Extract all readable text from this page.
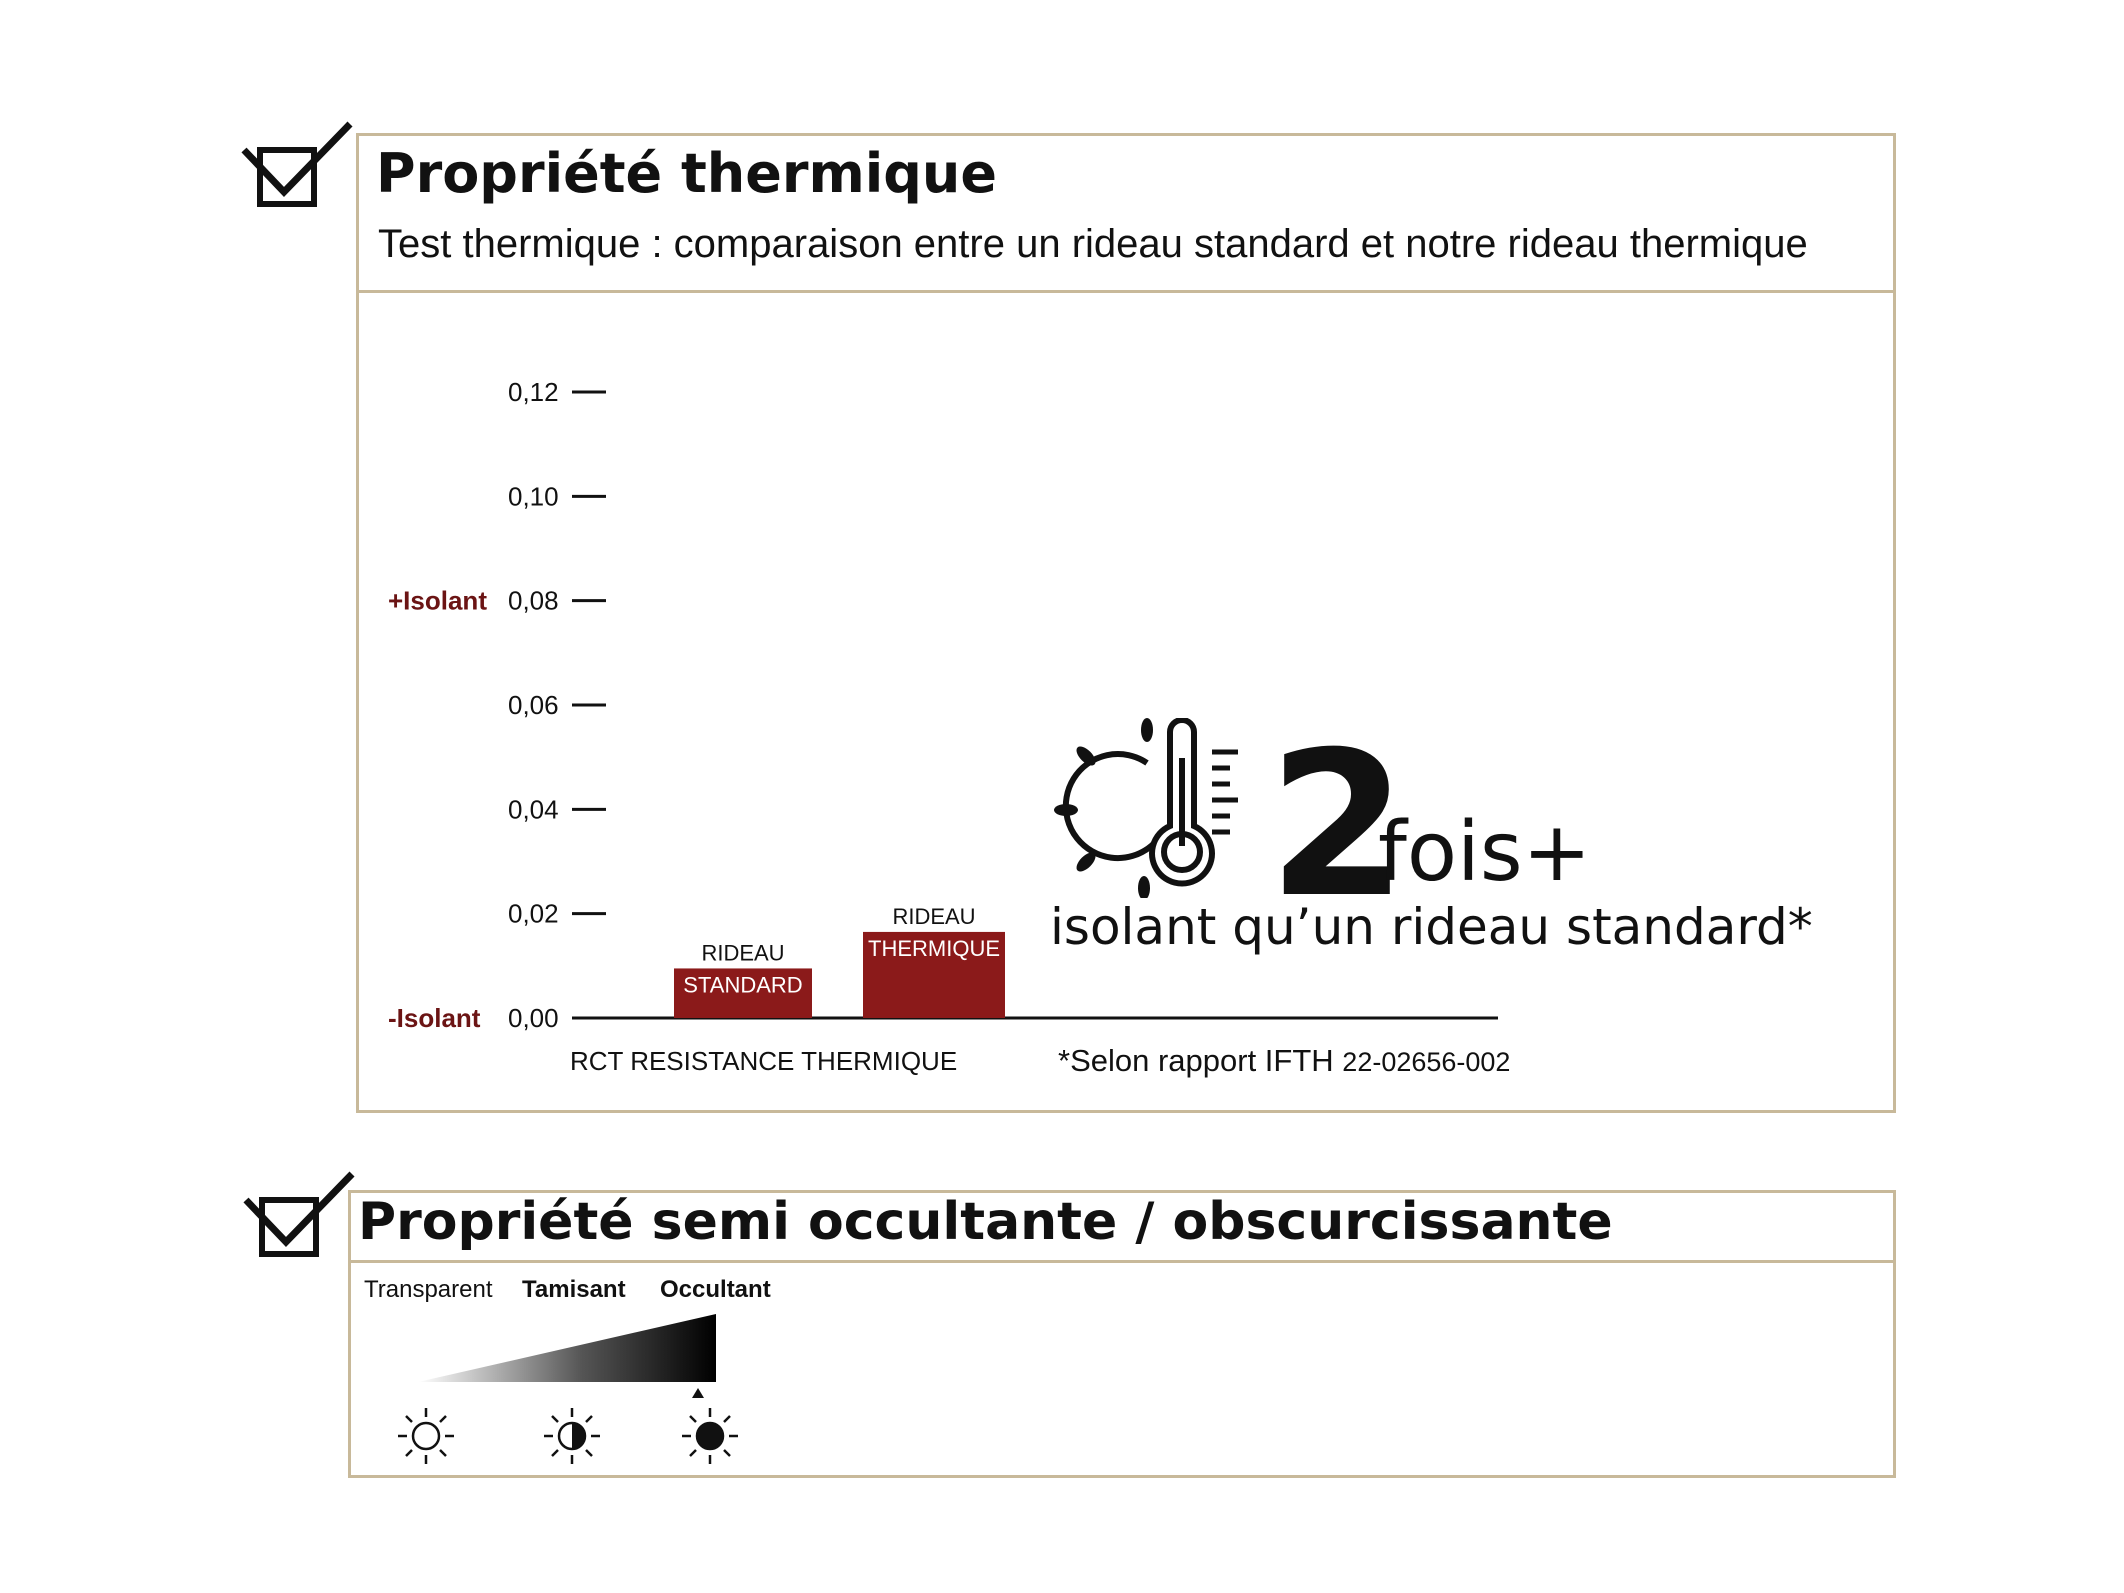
Propriété thermique
Test thermique : comparaison entre un rideau standard et notre rideau thermique
0,00
0,02
0,04
0,06
0,08
0,10
0,12
+Isolant
-Isolant
RIDEAU
STANDARD
RIDEAU
THERMIQUE
RCT RESISTANCE THERMIQUE
2
fois+
isolant qu’un rideau standard*
*Selon rapport IFTH 22-02656-002
Propriété semi occultante / obscurcissante
Transparent Tamisant Occultant
